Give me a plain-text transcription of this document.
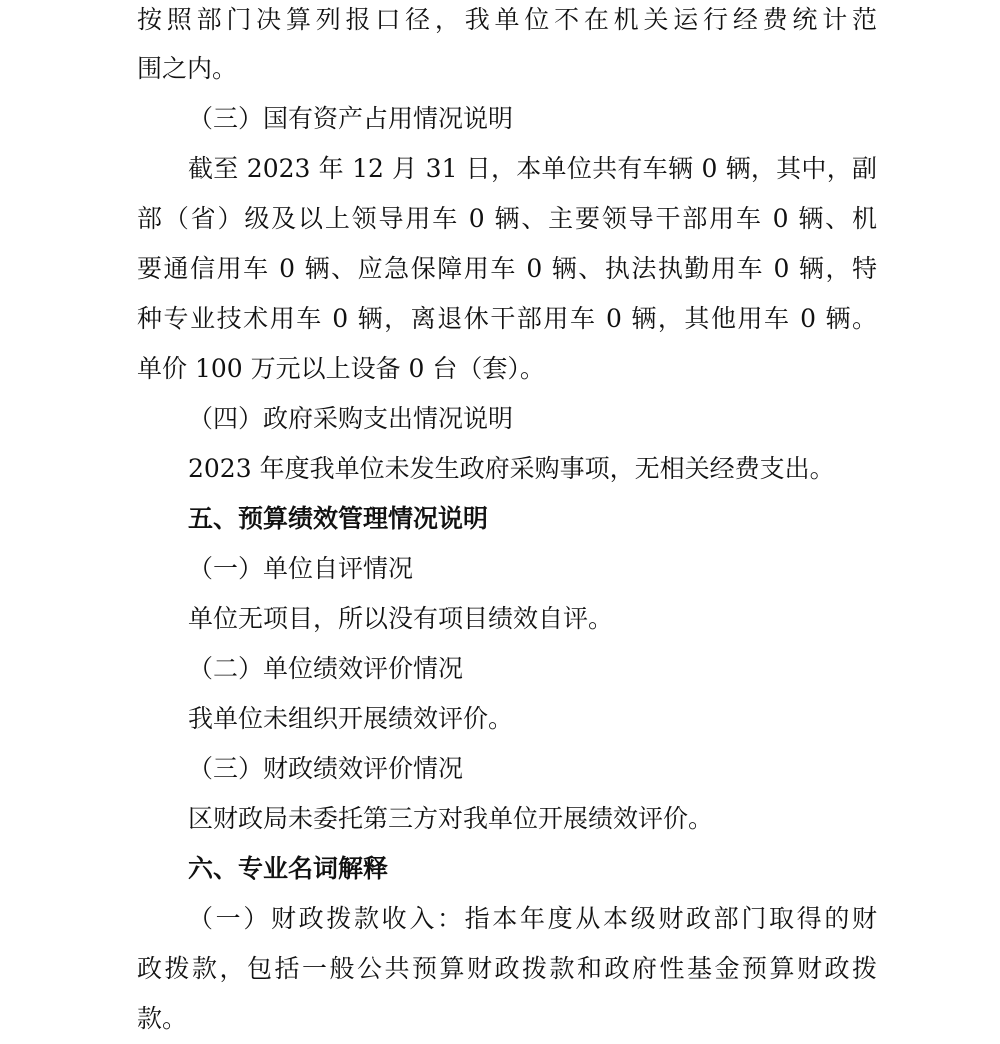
按照部门决算列报口径，我单位不在机关运行经费统计范
围之内。
（三）国有资产占用情况说明
截至 2023 年 12 月 31 日，本单位共有车辆 0 辆，其中，副
部（省）级及以上领导用车 0 辆、主要领导干部用车 0 辆、机
要通信用车 0 辆、应急保障用车 0 辆、执法执勤用车 0 辆，特
种专业技术用车 0 辆，离退休干部用车 0 辆，其他用车 0 辆。
单价 100 万元以上设备 0 台（套）。
（四）政府采购支出情况说明
2023 年度我单位未发生政府采购事项，无相关经费支出。
五、预算绩效管理情况说明
（一）单位自评情况
单位无项目，所以没有项目绩效自评。
（二）单位绩效评价情况
我单位未组织开展绩效评价。
（三）财政绩效评价情况
区财政局未委托第三方对我单位开展绩效评价。
六、专业名词解释
（一）财政拨款收入：指本年度从本级财政部门取得的财
政拨款，包括一般公共预算财政拨款和政府性基金预算财政拨
款。
